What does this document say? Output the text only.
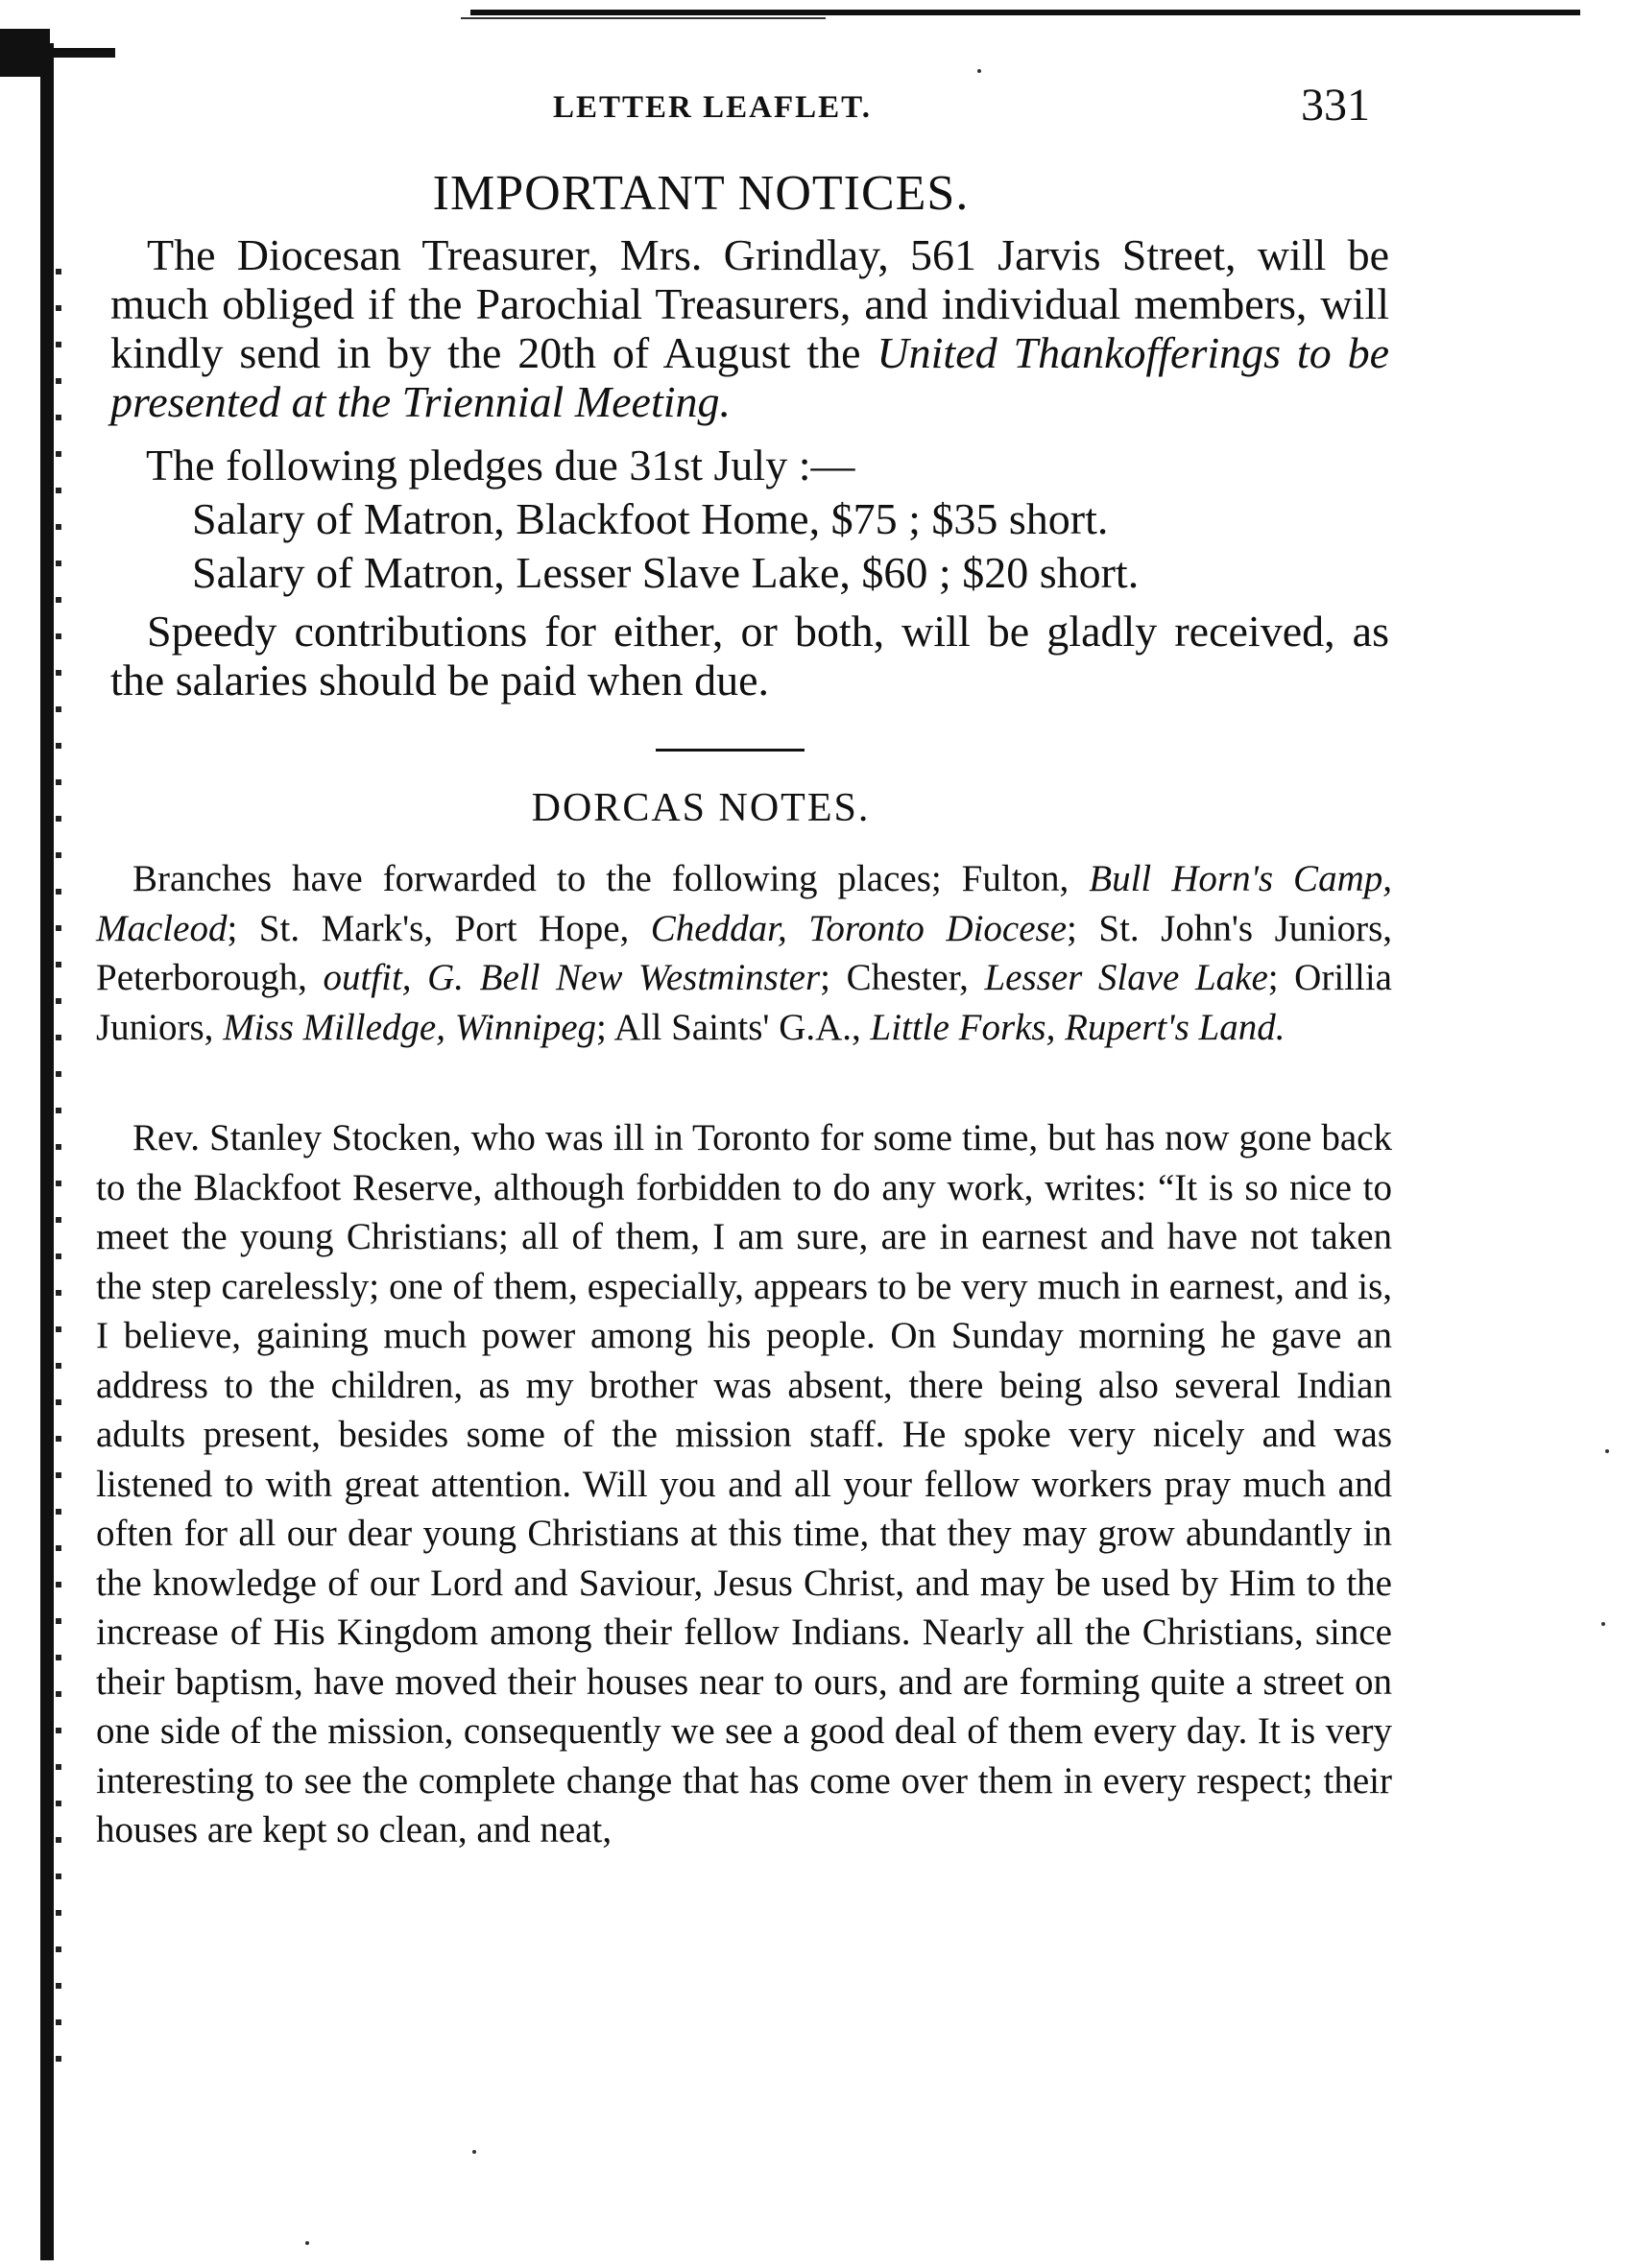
LETTER LEAFLET.	331
IMPORTANT NOTICES.

The Diocesan Treasurer, Mrs. Grindlay, 561 Jarvis Street, will be much obliged if the Parochial Treasurers, and individual members, will kindly send in by the 20th of August the United Thankofferings to be presented at the Triennial Meeting.

The following pledges due 31st July :—
Salary of Matron, Blackfoot Home, $75 ; $35 short.
Salary of Matron, Lesser Slave Lake, $60 ; $20 short.

Speedy contributions for either, or both, will be gladly received, as the salaries should be paid when due.

DORCAS NOTES.

Branches have forwarded to the following places; Fulton, Bull Horn's Camp, Macleod; St. Mark's, Port Hope, Cheddar, Toronto Diocese; St. John's Juniors, Peterborough, outfit, G. Bell New Westminster; Chester, Lesser Slave Lake; Orillia Juniors, Miss Milledge, Winnipeg; All Saints' G.A., Little Forks, Rupert's Land.

Rev. Stanley Stocken, who was ill in Toronto for some time, but has now gone back to the Blackfoot Reserve, although forbidden to do any work, writes: “It is so nice to meet the young Christians; all of them, I am sure, are in earnest and have not taken the step carelessly; one of them, especially, appears to be very much in earnest, and is, I believe, gaining much power among his people. On Sunday morning he gave an address to the children, as my brother was absent, there being also several Indian adults present, besides some of the mission staff. He spoke very nicely and was listened to with great attention. Will you and all your fellow workers pray much and often for all our dear young Christians at this time, that they may grow abundantly in the knowledge of our Lord and Saviour, Jesus Christ, and may be used by Him to the increase of His Kingdom among their fellow Indians. Nearly all the Christians, since their baptism, have moved their houses near to ours, and are forming quite a street on one side of the mission, consequently we see a good deal of them every day. It is very interesting to see the complete change that has come over them in every respect; their houses are kept so clean, and neat,
